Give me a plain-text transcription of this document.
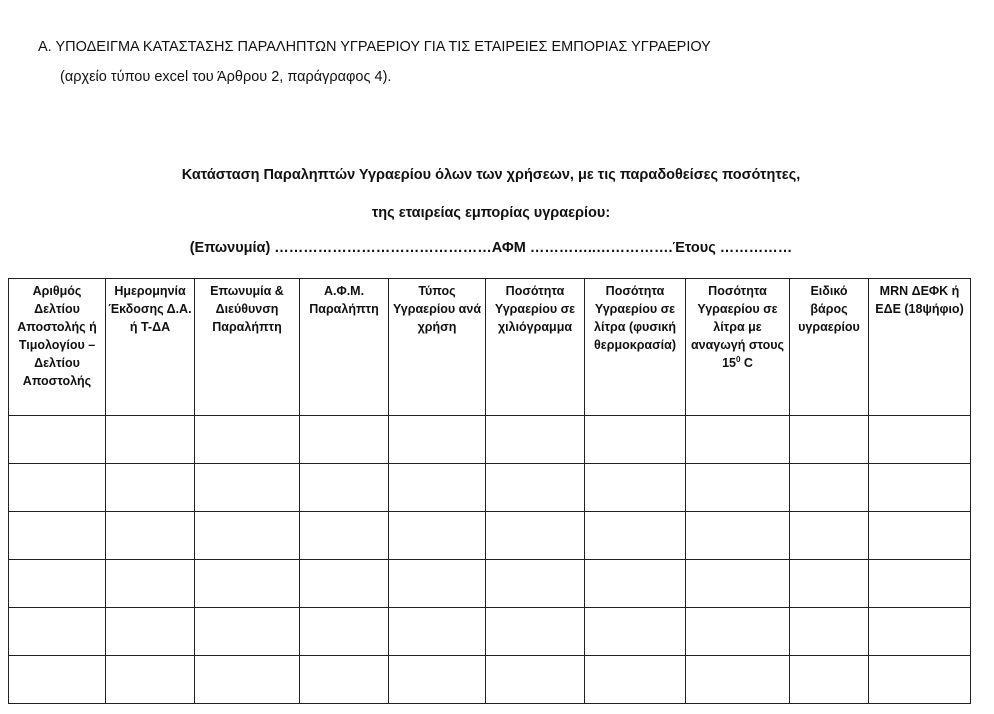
Α. ΥΠΟΔΕΙΓΜΑ ΚΑΤΑΣΤΑΣΗΣ ΠΑΡΑΛΗΠΤΩΝ ΥΓΡΑΕΡΙΟΥ ΓΙΑ ΤΙΣ ΕΤΑΙΡΕΙΕΣ ΕΜΠΟΡΙΑΣ ΥΓΡΑΕΡΙΟΥ
(αρχείο τύπου excel του Άρθρου 2, παράγραφος 4).
Κατάσταση Παραληπτών Υγραερίου όλων των χρήσεων, με τις παραδοθείσες ποσότητες,
της εταιρείας εμπορίας υγραερίου:
(Επωνυμία) ………………………………………ΑΦΜ …………..…………….Έτους ……………
Αριθμός Δελτίου Αποστολής ή Τιμολογίου –Δελτίου Αποστολής	Ημερομηνία Έκδοσης Δ.Α. ή Τ-ΔΑ	Επωνυμία & Διεύθυνση Παραλήπτη	Α.Φ.Μ. Παραλήπτη	Τύπος Υγραερίου ανά χρήση	Ποσότητα Υγραερίου σε χιλιόγραμμα	Ποσότητα Υγραερίου σε λίτρα (φυσική θερμοκρασία)	Ποσότητα Υγραερίου σε λίτρα με αναγωγή στους $15^0$ C	Ειδικό βάρος υγραερίου	MRN ΔΕΦΚ ή ΕΔΕ (18ψήφιο)
